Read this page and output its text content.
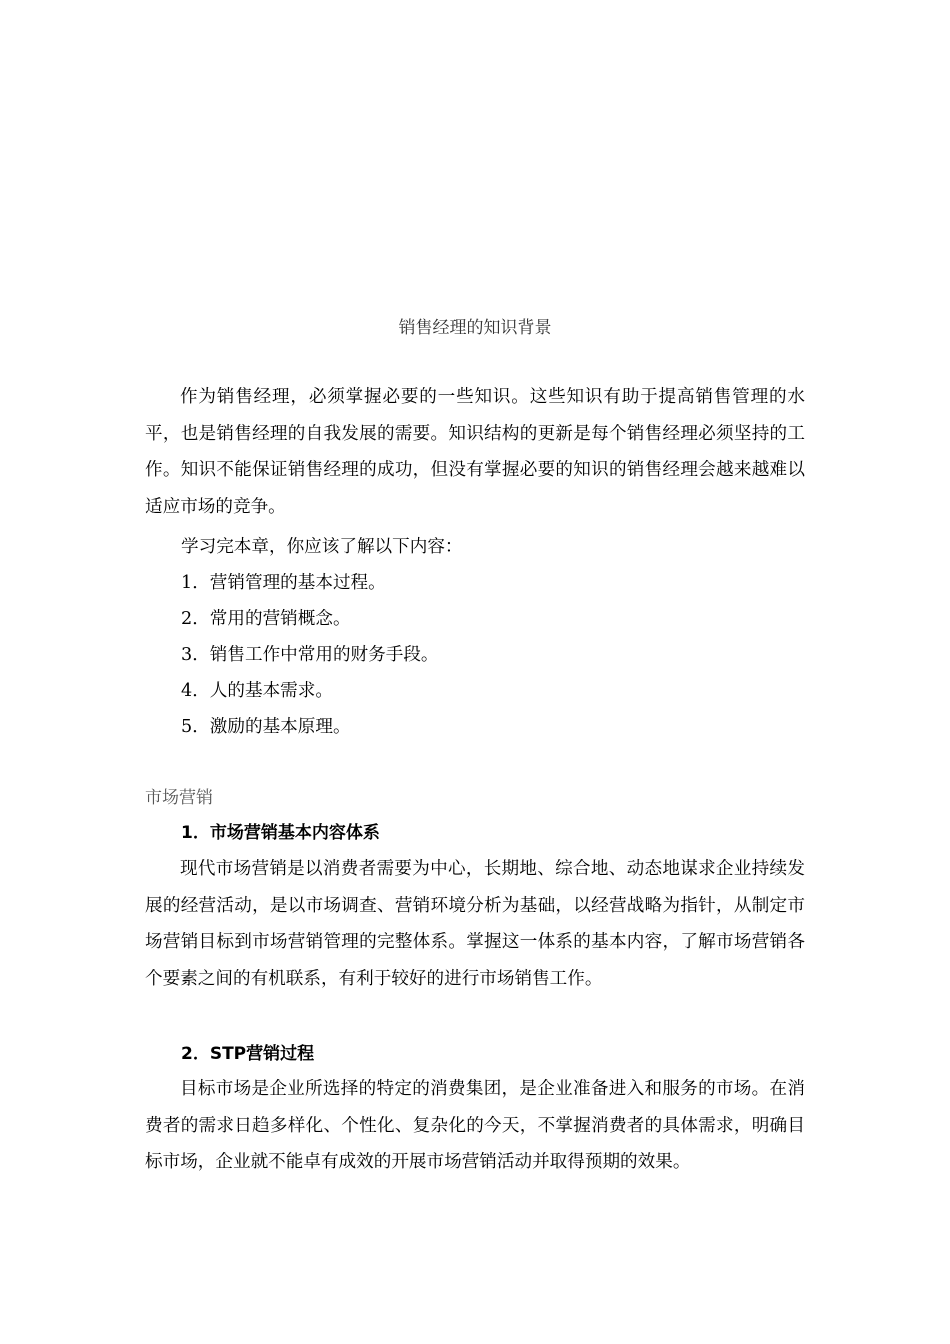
销售经理的知识背景

作为销售经理，必须掌握必要的一些知识。这些知识有助于提高销售管理的水平，也是销售经理的自我发展的需要。知识结构的更新是每个销售经理必须坚持的工作。知识不能保证销售经理的成功，但没有掌握必要的知识的销售经理会越来越难以适应市场的竞争。

学习完本章，你应该了解以下内容：
1．营销管理的基本过程。
2．常用的营销概念。
3．销售工作中常用的财务手段。
4．人的基本需求。
5．激励的基本原理。
市场营销
1．市场营销基本内容体系

现代市场营销是以消费者需要为中心，长期地、综合地、动态地谋求企业持续发展的经营活动，是以市场调查、营销环境分析为基础，以经营战略为指针，从制定市场营销目标到市场营销管理的完整体系。掌握这一体系的基本内容，了解市场营销各个要素之间的有机联系，有利于较好的进行市场销售工作。

2．STP营销过程

目标市场是企业所选择的特定的消费集团，是企业准备进入和服务的市场。在消费者的需求日趋多样化、个性化、复杂化的今天，不掌握消费者的具体需求，明确目标市场，企业就不能卓有成效的开展市场营销活动并取得预期的效果。
